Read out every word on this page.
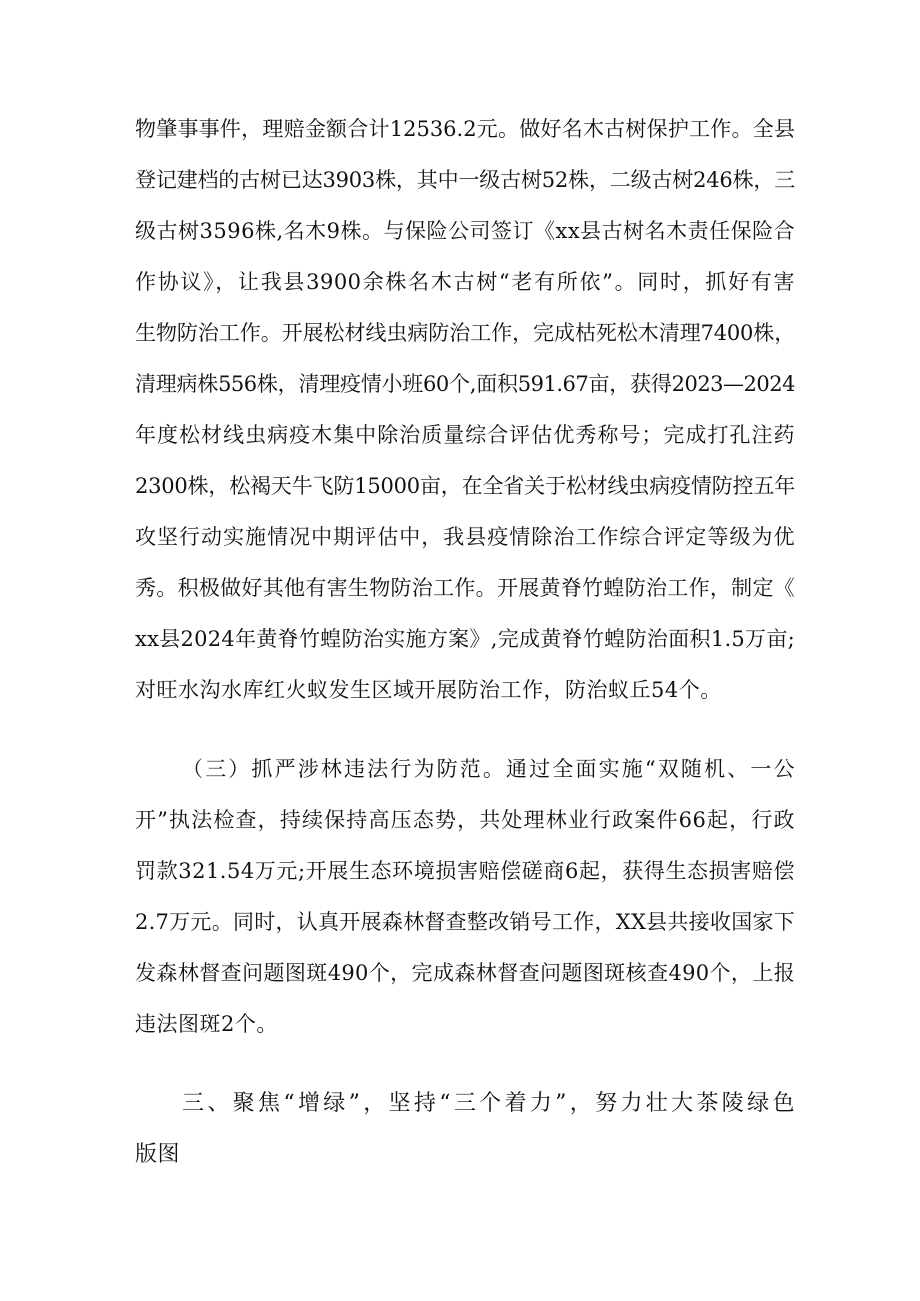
物肇事事件，理赔金额合计12536.2元。做好名木古树保护工作。全县
登记建档的古树已达3903株，其中一级古树52株，二级古树246株，三
级古树3596株,名木9株。与保险公司签订《xx县古树名木责任保险合
作协议》，让我县3900余株名木古树“老有所依”。同时，抓好有害
生物防治工作。开展松材线虫病防治工作，完成枯死松木清理7400株，
清理病株556株，清理疫情小班60个,面积591.67亩，获得2023—2024
年度松材线虫病疫木集中除治质量综合评估优秀称号；完成打孔注药
2300株，松褐天牛飞防15000亩，在全省关于松材线虫病疫情防控五年
攻坚行动实施情况中期评估中，我县疫情除治工作综合评定等级为优
秀。积极做好其他有害生物防治工作。开展黄脊竹蝗防治工作，制定《
xx县2024年黄脊竹蝗防治实施方案》,完成黄脊竹蝗防治面积1.5万亩;
对旺水沟水库红火蚁发生区域开展防治工作，防治蚁丘54个。
（三）抓严涉林违法行为防范。通过全面实施“双随机、一公
开”执法检查，持续保持高压态势，共处理林业行政案件66起，行政
罚款321.54万元;开展生态环境损害赔偿磋商6起，获得生态损害赔偿
2.7万元。同时，认真开展森林督查整改销号工作，XX县共接收国家下
发森林督查问题图斑490个，完成森林督查问题图斑核查490个，上报
违法图斑2个。
三、聚焦“增绿”，坚持“三个着力”，努力壮大茶陵绿色
版图
